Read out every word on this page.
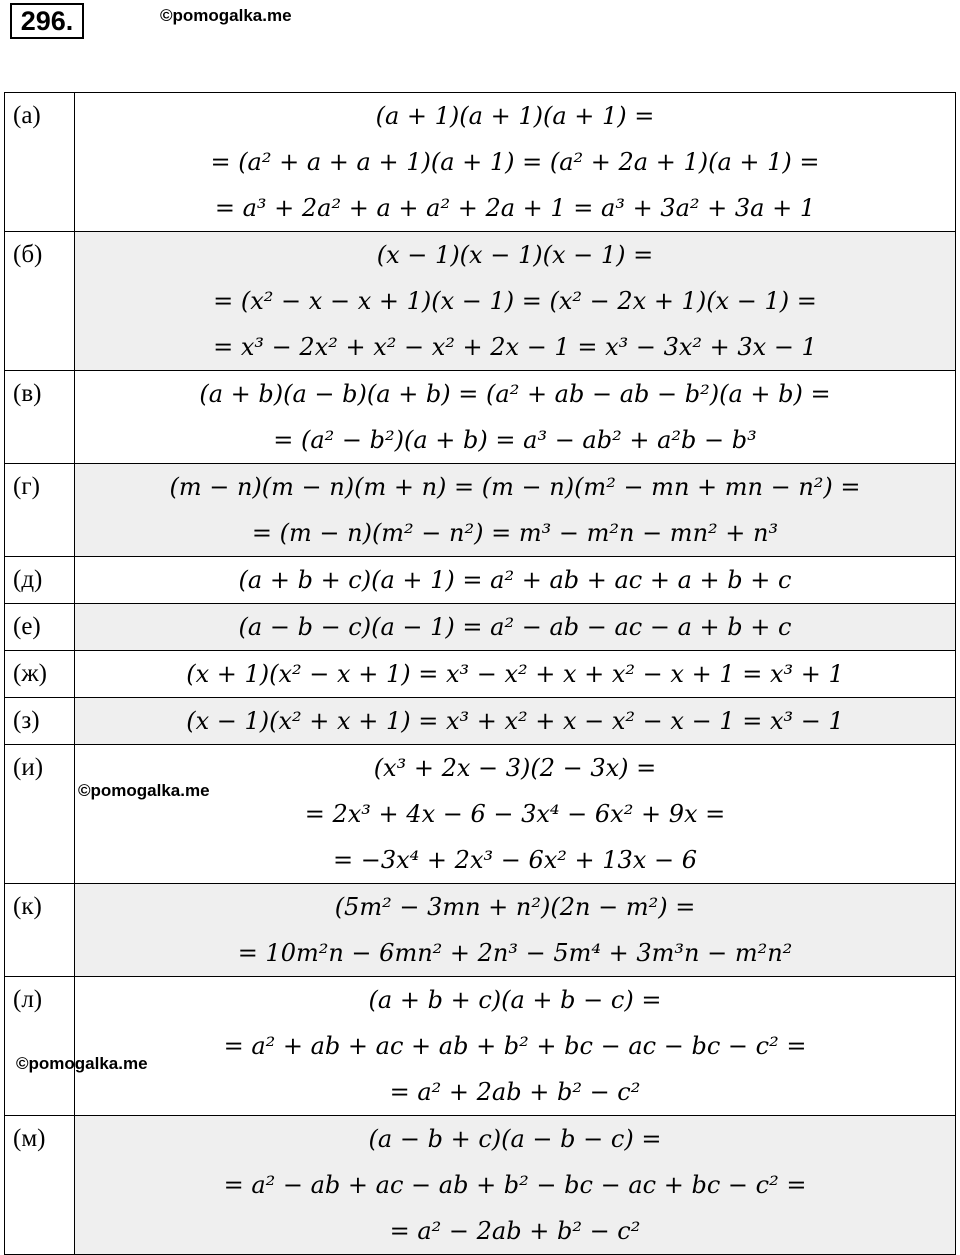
296.	©pomogalka.me
(а)	(a + 1)(a + 1)(a + 1) =
= (a² + a + a + 1)(a + 1) = (a² + 2a + 1)(a + 1) =
= a³ + 2a² + a + a² + 2a + 1 = a³ + 3a² + 3a + 1

(б)	(x − 1)(x − 1)(x − 1) =
= (x² − x − x + 1)(x − 1) = (x² − 2x + 1)(x − 1) =
= x³ − 2x² + x² − x² + 2x − 1 = x³ − 3x² + 3x − 1

(в)	(a + b)(a − b)(a + b) = (a² + ab − ab − b²)(a + b) =
= (a² − b²)(a + b) = a³ − ab² + a²b − b³

(г)	(m − n)(m − n)(m + n) = (m − n)(m² − mn + mn − n²) =
= (m − n)(m² − n²) = m³ − m²n − mn² + n³

(д)	(a + b + c)(a + 1) = a² + ab + ac + a + b + c

(е)	(a − b − c)(a − 1) = a² − ab − ac − a + b + c

(ж)	(x + 1)(x² − x + 1) = x³ − x² + x + x² − x + 1 = x³ + 1

(з)	(x − 1)(x² + x + 1) = x³ + x² + x − x² − x − 1 = x³ − 1

(и)	(x³ + 2x − 3)(2 − 3x) =
= 2x³ + 4x − 6 − 3x⁴ − 6x² + 9x =
= −3x⁴ + 2x³ − 6x² + 13x − 6

(к)	(5m² − 3mn + n²)(2n − m²) =
= 10m²n − 6mn² + 2n³ − 5m⁴ + 3m³n − m²n²

(л)	(a + b + c)(a + b − c) =
= a² + ab + ac + ab + b² + bc − ac − bc − c² =
= a² + 2ab + b² − c²

(м)	(a − b + c)(a − b − c) =
= a² − ab + ac − ab + b² − bc − ac + bc − c² =
= a² − 2ab + b² − c²
©pomogalka.me
©pomogalka.me
